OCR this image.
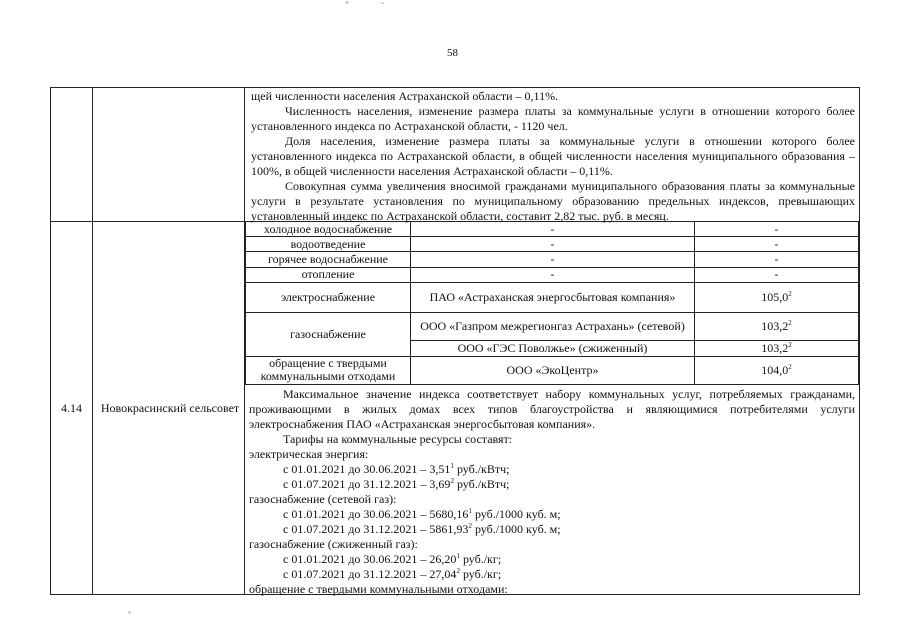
58

щей численности населения Астраханской области – 0,11%.

Численность населения, изменение размера платы за коммунальные услуги в отношении которого более установленного индекса по Астраханской области, - 1120 чел.

Доля населения, изменение размера платы за коммунальные услуги в отношении которого более установленного индекса по Астраханской области, в общей численности населения муниципального образования – 100%, в общей численности населения Астраханской области – 0,11%.

Совокупная сумма увеличения вносимой гражданами муниципального образования платы за коммунальные услуги в результате установления по муниципальному образованию предельных индексов, превышающих установленный индекс по Астраханской области, составит 2,82 тыс. руб. в месяц.

4.14	Новокрасинский сельсовет
холодное водоснабжение	-	-
водоотведение	-	-
горячее водоснабжение	-	-
отопление	-	-
электроснабжение	ПАО «Астраханская энергосбытовая компания»	105,0$^2$
газоснабжение	ООО «Газпром межрегионгаз Астрахань» (сетевой)	103,2$^2$
	ООО «ГЭС Поволжье» (сжиженный)	103,2$^2$
обращение с твердыми коммунальными отходами	ООО «ЭкоЦентр»	104,0$^2$

Максимальное значение индекса соответствует набору коммунальных услуг, потребляемых гражданами, проживающими в жилых домах всех типов благоустройства и являющимися потребителями услуги электроснабжения ПАО «Астраханская энергосбытовая компания».

Тарифы на коммунальные ресурсы составят:

электрическая энергия:

с 01.01.2021 до 30.06.2021 – 3,51$^1$ руб./кВтч;

с 01.07.2021 до 31.12.2021 – 3,69$^2$ руб./кВтч;

газоснабжение (сетевой газ):

с 01.01.2021 до 30.06.2021 – 5680,16$^1$ руб./1000 куб. м;

с 01.07.2021 до 31.12.2021 – 5861,93$^2$ руб./1000 куб. м;

газоснабжение (сжиженный газ):

с 01.01.2021 до 30.06.2021 – 26,20$^1$ руб./кг;

с 01.07.2021 до 31.12.2021 – 27,04$^2$ руб./кг;

обращение с твердыми коммунальными отходами:
